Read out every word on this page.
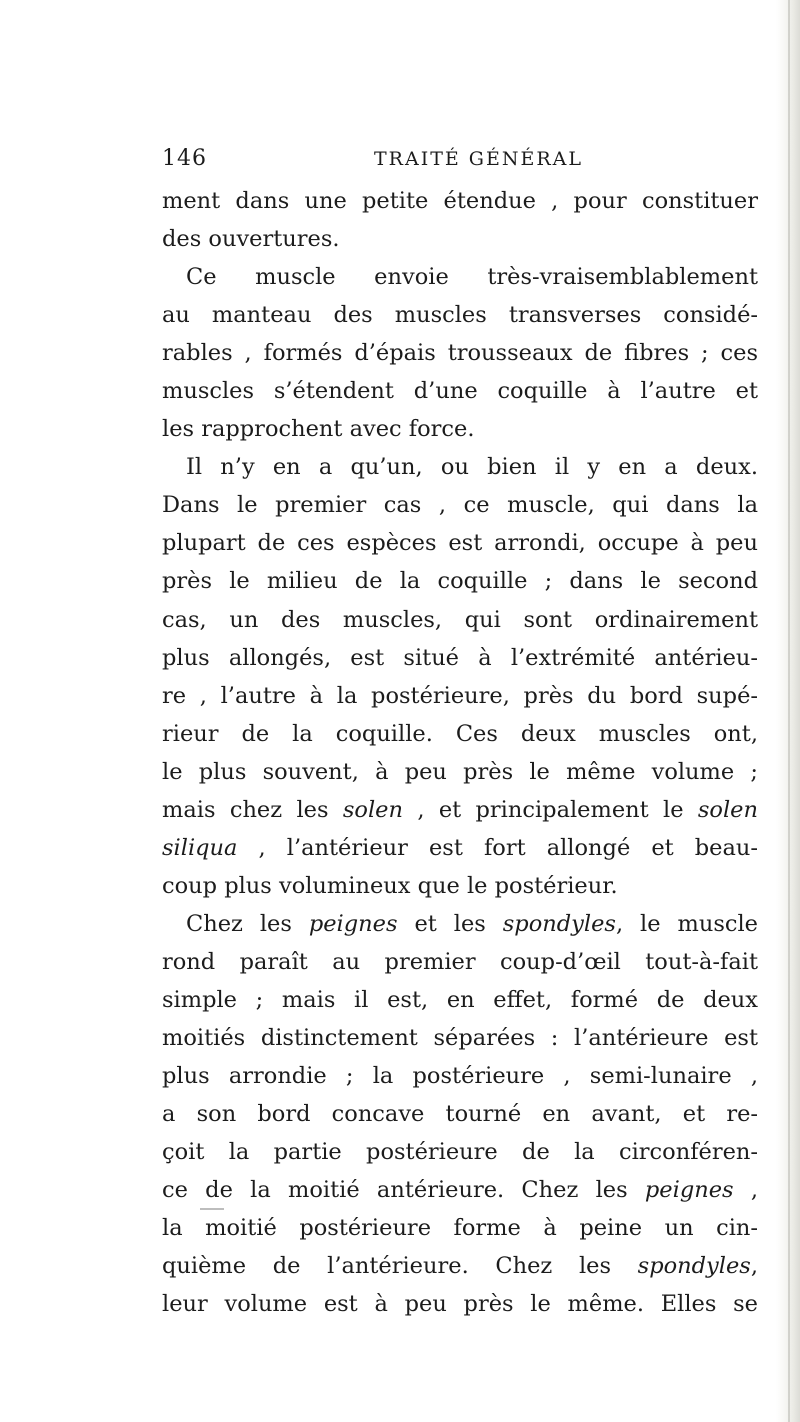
146	TRAITÉ GÉNÉRAL
ment dans une petite étendue , pour constituer
des ouvertures.
Ce muscle envoie très-vraisemblablement
au manteau des muscles transverses considé-
rables , formés d’épais trousseaux de fibres ; ces
muscles s’étendent d’une coquille à l’autre et
les rapprochent avec force.
Il n’y en a qu’un, ou bien il y en a deux.
Dans le premier cas , ce muscle, qui dans la
plupart de ces espèces est arrondi, occupe à peu
près le milieu de la coquille ; dans le second
cas, un des muscles, qui sont ordinairement
plus allongés, est situé à l’extrémité antérieu-
re , l’autre à la postérieure, près du bord supé-
rieur de la coquille. Ces deux muscles ont,
le plus souvent, à peu près le même volume ;
mais chez les solen , et principalement le solen
siliqua , l’antérieur est fort allongé et beau-
coup plus volumineux que le postérieur.
Chez les peignes et les spondyles, le muscle
rond paraît au premier coup-d’œil tout-à-fait
simple ; mais il est, en effet, formé de deux
moitiés distinctement séparées : l’antérieure est
plus arrondie ; la postérieure , semi-lunaire ,
a son bord concave tourné en avant, et re-
çoit la partie postérieure de la circonféren-
ce de la moitié antérieure. Chez les peignes ,
la moitié postérieure forme à peine un cin-
quième de l’antérieure. Chez les spondyles,
leur volume est à peu près le même. Elles se
